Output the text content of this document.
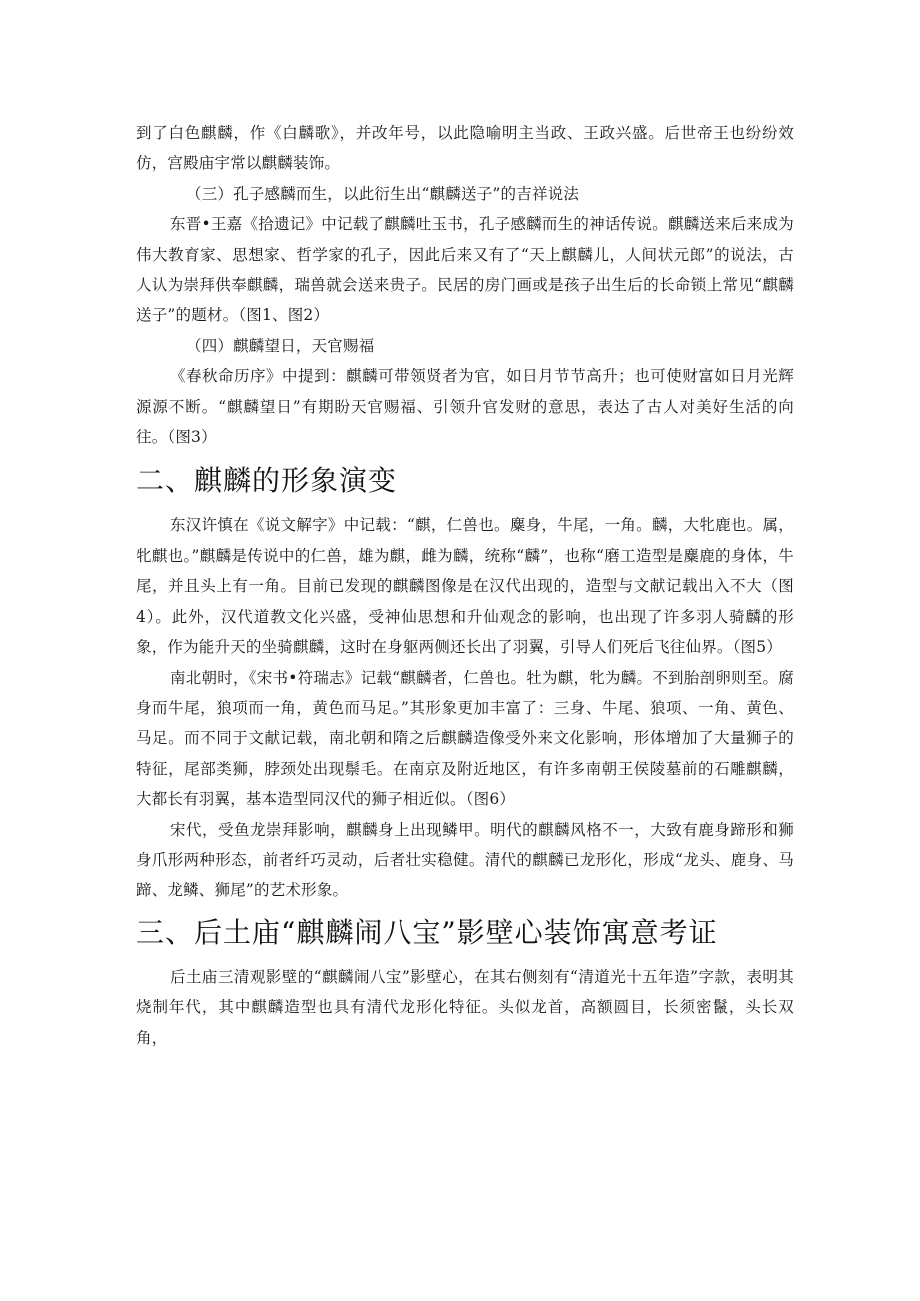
到了白色麒麟，作《白麟歌》，并改年号，以此隐喻明主当政、王政兴盛。后世帝王也纷纷效仿，宫殿庙宇常以麒麟装饰。

（三）孔子感麟而生，以此衍生出“麒麟送子”的吉祥说法

东晋•王嘉《拾遗记》中记载了麒麟吐玉书，孔子感麟而生的神话传说。麒麟送来后来成为伟大教育家、思想家、哲学家的孔子，因此后来又有了“天上麒麟儿，人间状元郎”的说法，古人认为崇拜供奉麒麟，瑞兽就会送来贵子。民居的房门画或是孩子出生后的长命锁上常见“麒麟送子”的题材。（图1、图2）

（四）麒麟望日，天官赐福

《春秋命历序》中提到：麒麟可带领贤者为官，如日月节节高升；也可使财富如日月光辉源源不断。“麒麟望日”有期盼天官赐福、引领升官发财的意思，表达了古人对美好生活的向往。（图3）

二、麒麟的形象演变

东汉许慎在《说文解字》中记载：“麒，仁兽也。麋身，牛尾，一角。麟，大牝鹿也。属，牝麒也。”麒麟是传说中的仁兽，雄为麒，雌为麟，统称“麟”，也称“磨工造型是麋鹿的身体，牛尾，并且头上有一角。目前已发现的麒麟图像是在汉代出现的，造型与文献记载出入不大（图4）。此外，汉代道教文化兴盛，受神仙思想和升仙观念的影响，也出现了许多羽人骑麟的形象，作为能升天的坐骑麒麟，这时在身躯两侧还长出了羽翼，引导人们死后飞往仙界。（图5）

南北朝时，《宋书•符瑞志》记载“麒麟者，仁兽也。牡为麒，牝为麟。不到胎剖卵则至。腐身而牛尾，狼项而一角，黄色而马足。”其形象更加丰富了：三身、牛尾、狼项、一角、黄色、马足。而不同于文献记载，南北朝和隋之后麒麟造像受外来文化影响，形体增加了大量狮子的特征，尾部类狮，脖颈处出现鬃毛。在南京及附近地区，有许多南朝王侯陵墓前的石雕麒麟，大都长有羽翼，基本造型同汉代的狮子相近似。（图6）

宋代，受鱼龙崇拜影响，麒麟身上出现鳞甲。明代的麒麟风格不一，大致有鹿身蹄形和狮身爪形两种形态，前者纤巧灵动，后者壮实稳健。清代的麒麟已龙形化，形成“龙头、鹿身、马蹄、龙鳞、狮尾”的艺术形象。

三、后土庙“麒麟闹八宝”影壁心装饰寓意考证

后土庙三清观影壁的“麒麟闹八宝”影壁心，在其右侧刻有“清道光十五年造”字款，表明其烧制年代，其中麒麟造型也具有清代龙形化特征。头似龙首，高额圆目，长须密鬣，头长双角，
